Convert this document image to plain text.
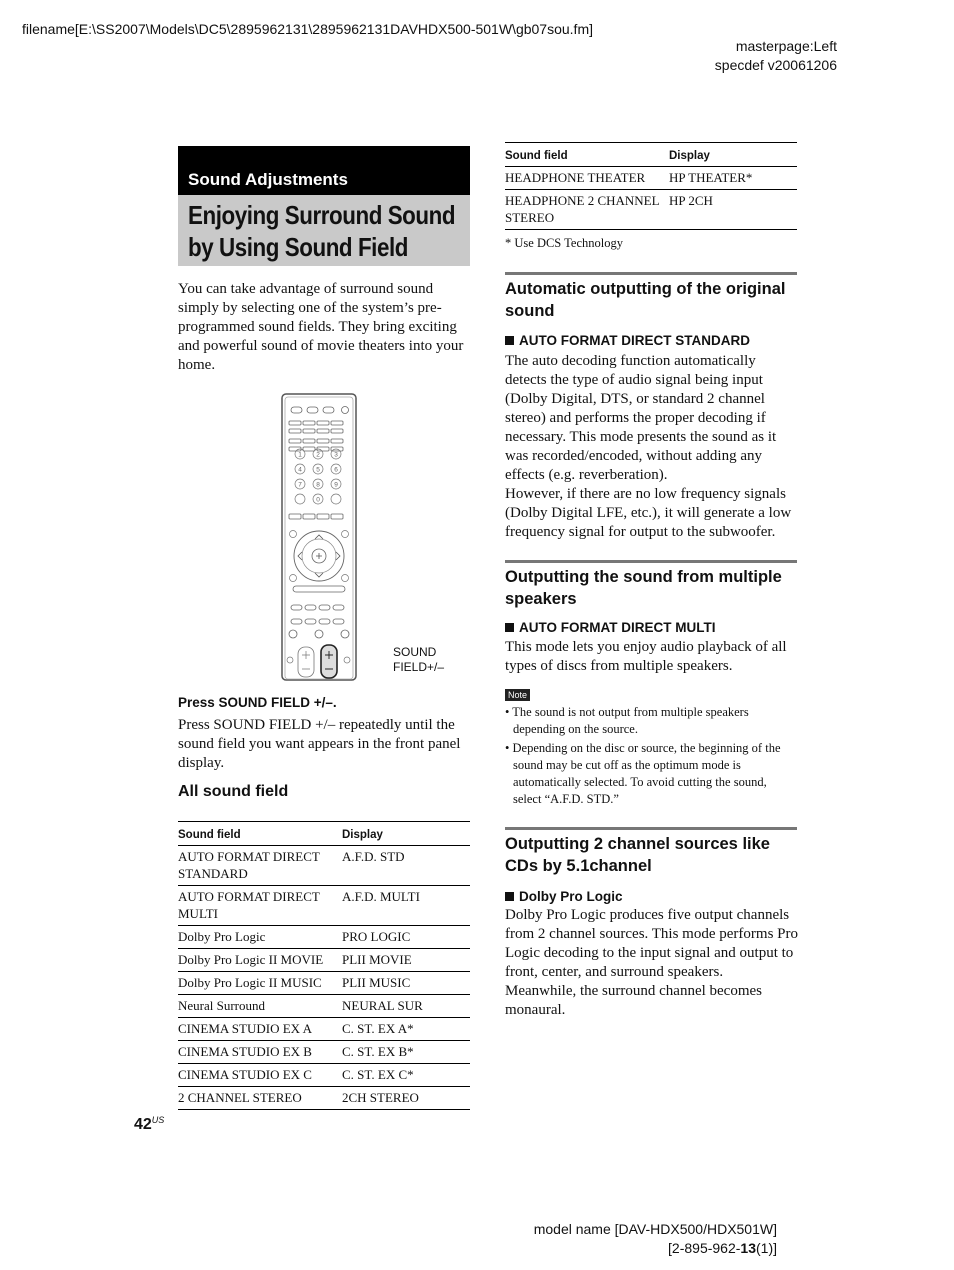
filename[E:\SS2007\Models\DC5\2895962131\2895962131DAVHDX500-501W\gb07sou.fm]
masterpage:Left
specdef v20061206
Sound Adjustments
Enjoying Surround Sound
by Using Sound Field
You can take advantage of surround sound simply by selecting one of the system’s pre-programmed sound fields. They bring exciting and powerful sound of movie theaters into your home.
1 2 3
4 5 6
7 8 9
0
SOUND
FIELD+/–
Press SOUND FIELD +/–.
Press SOUND FIELD +/– repeatedly until the sound field you want appears in the front panel display.
All sound field
Sound field	Display
AUTO FORMAT DIRECT STANDARD	A.F.D. STD
AUTO FORMAT DIRECT MULTI	A.F.D. MULTI
Dolby Pro Logic	PRO LOGIC
Dolby Pro Logic II MOVIE	PLII MOVIE
Dolby Pro Logic II MUSIC	PLII MUSIC
Neural Surround	NEURAL SUR
CINEMA STUDIO EX A	C. ST. EX A*
CINEMA STUDIO EX B	C. ST. EX B*
CINEMA STUDIO EX C	C. ST. EX C*
2 CHANNEL STEREO	2CH STEREO
Sound field	Display
HEADPHONE THEATER	HP THEATER*
HEADPHONE 2 CHANNEL STEREO	HP 2CH
* Use DCS Technology
Automatic outputting of the original sound
AUTO FORMAT DIRECT STANDARD
The auto decoding function automatically detects the type of audio signal being input (Dolby Digital, DTS, or standard 2 channel stereo) and performs the proper decoding if necessary. This mode presents the sound as it was recorded/encoded, without adding any effects (e.g. reverberation).
However, if there are no low frequency signals (Dolby Digital LFE, etc.), it will generate a low frequency signal for output to the subwoofer.
Outputting the sound from multiple speakers
AUTO FORMAT DIRECT MULTI
This mode lets you enjoy audio playback of all types of discs from multiple speakers.
Note
• The sound is not output from multiple speakers depending on the source.
• Depending on the disc or source, the beginning of the sound may be cut off as the optimum mode is automatically selected. To avoid cutting the sound, select “A.F.D. STD.”
Outputting 2 channel sources like CDs by 5.1channel
Dolby Pro Logic
Dolby Pro Logic produces five output channels from 2 channel sources. This mode performs Pro Logic decoding to the input signal and output to front, center, and surround speakers. Meanwhile, the surround channel becomes monaural.
$42^{US}$
model name [DAV-HDX500/HDX501W]
[2-895-962-13(1)]
